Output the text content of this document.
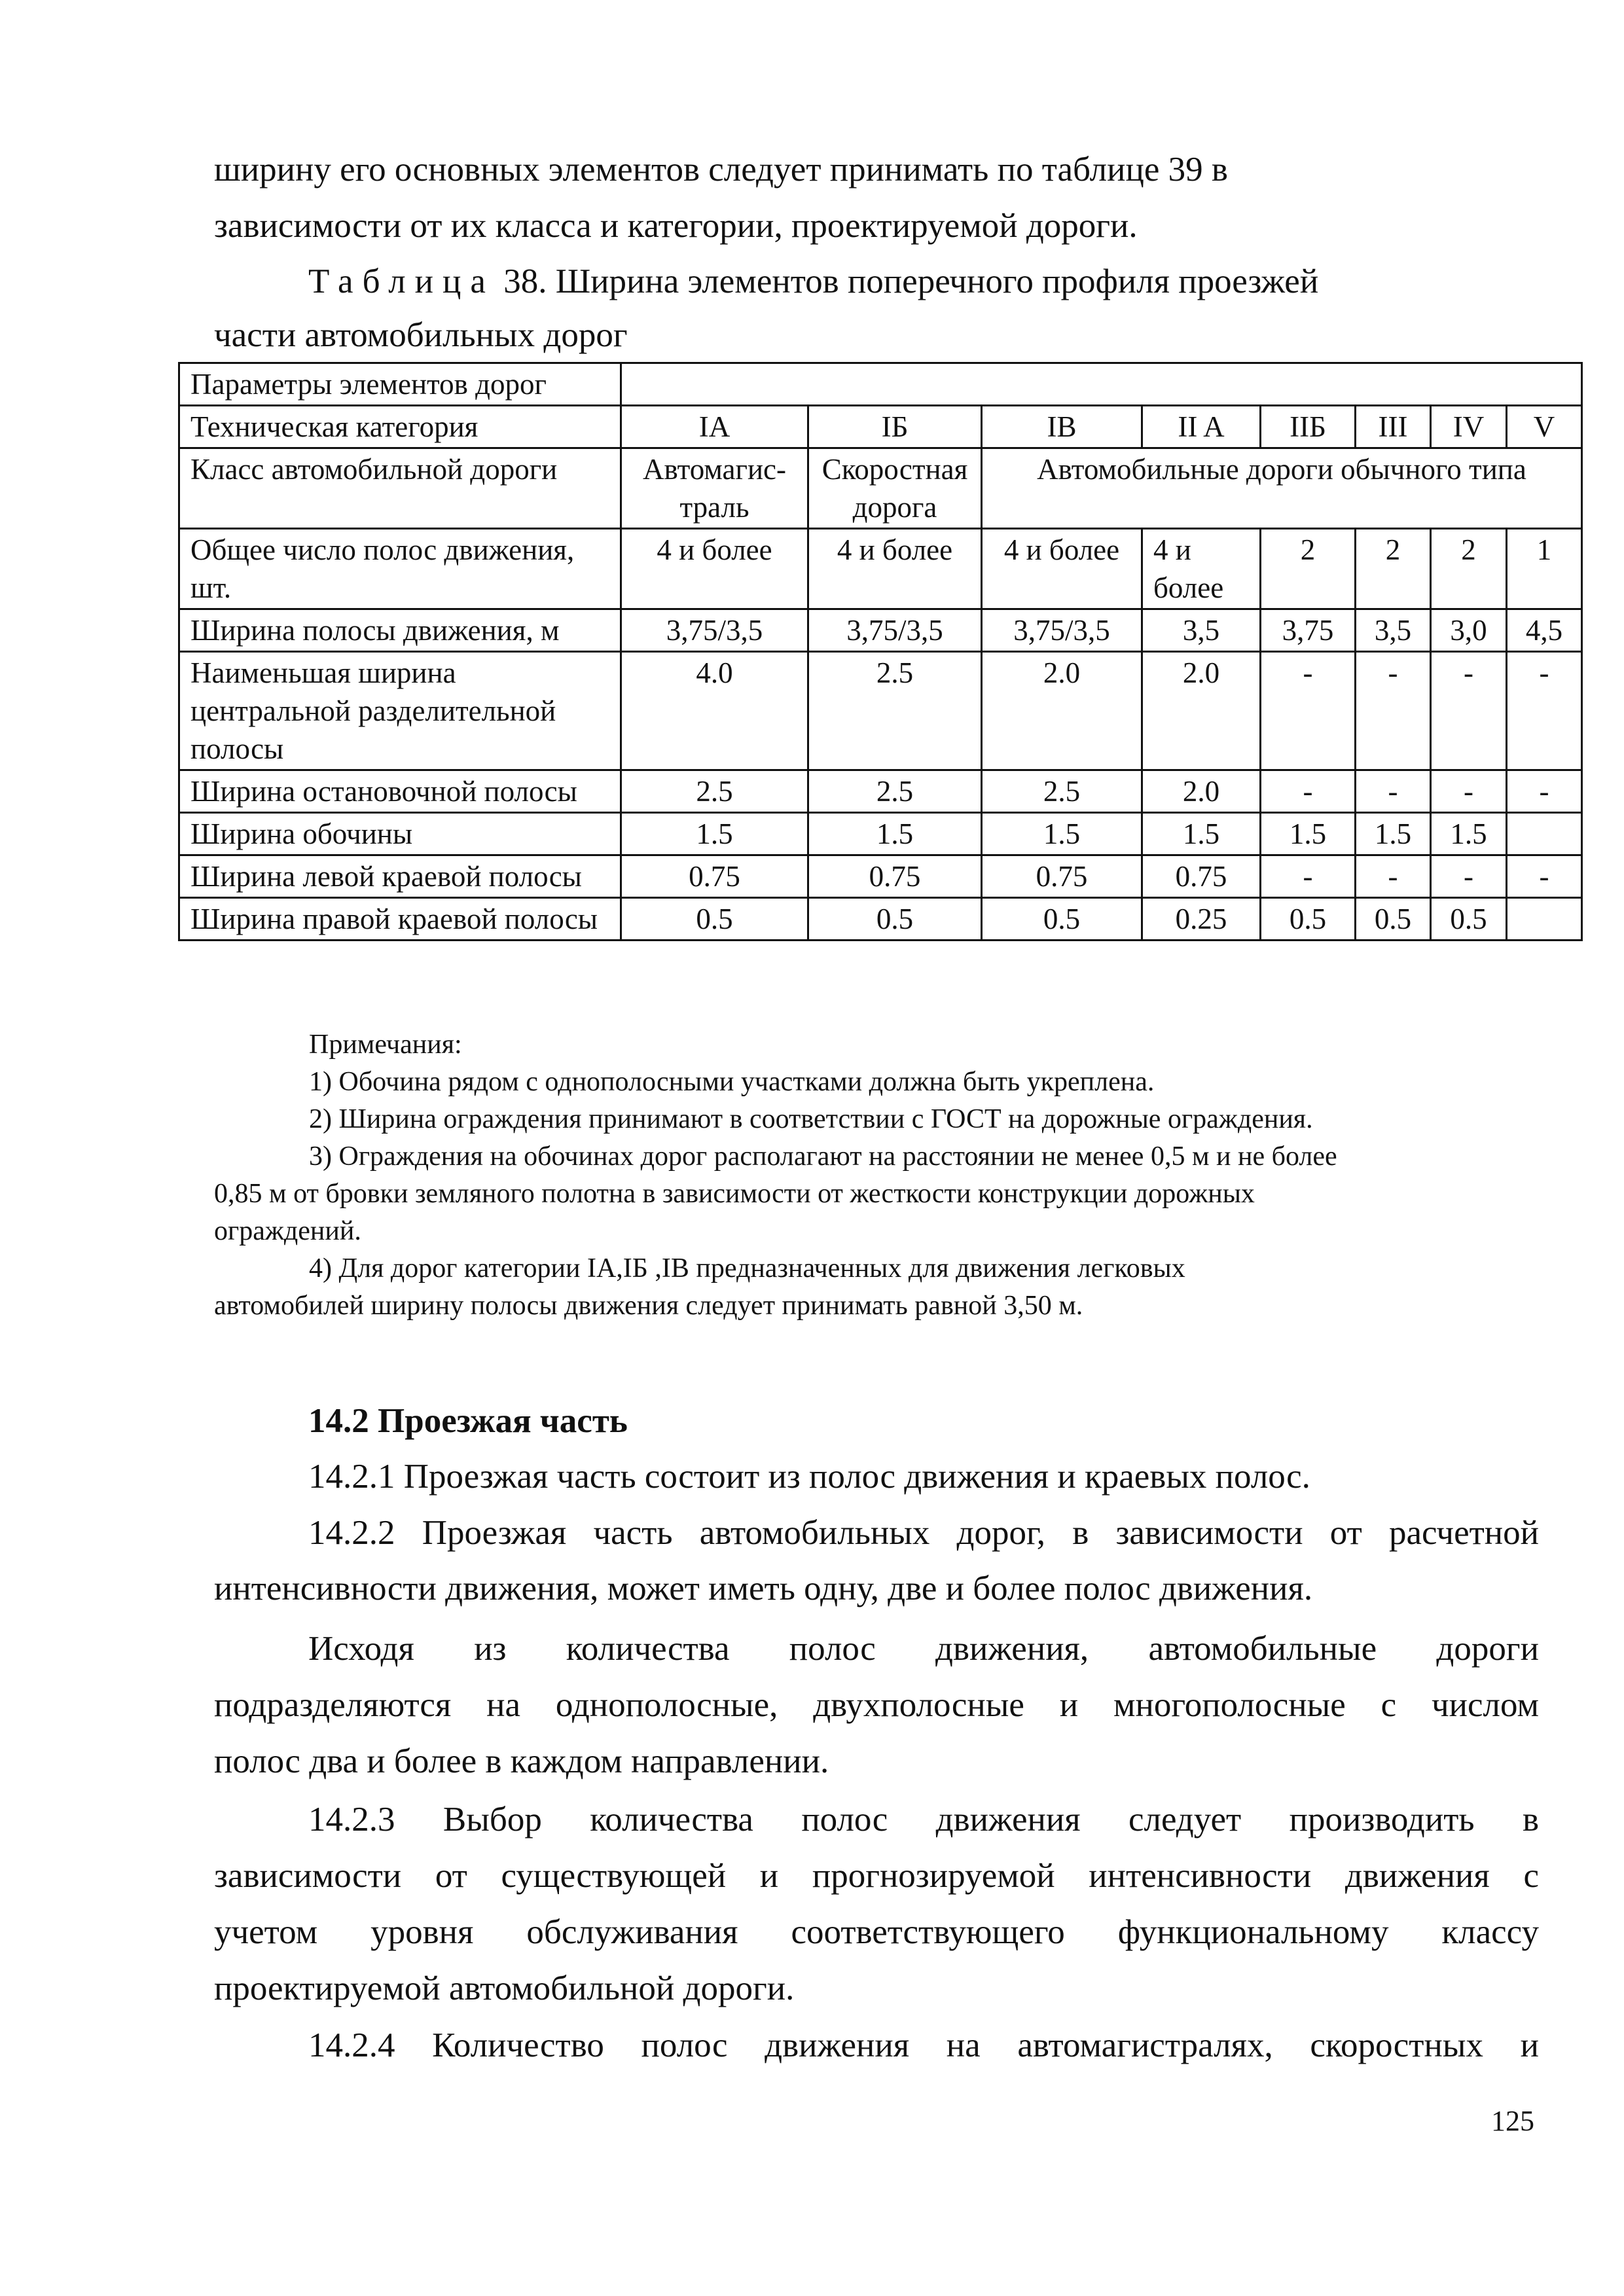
ширину его основных элементов следует принимать по таблице 39 в

зависимости от их класса и категории, проектируемой дороги.

Таблица 38. Ширина элементов поперечного профиля проезжей

части автомобильных дорог

Параметры элементов дорог								
Техническая категория	IA	IБ	IB	II A	IIБ	III	IV	V
Класс автомобильной дороги	Автомагис-траль	Скоростная дорога	Автомобильные дороги обычного типа					
Общее число полос движения, шт.	4 и более	4 и более	4 и более	4 и более	2	2	2	1
Ширина полосы движения, м	3,75/3,5	3,75/3,5	3,75/3,5	3,5	3,75	3,5	3,0	4,5
Наименьшая ширина центральной разделительной полосы	4.0	2.5	2.0	2.0	-	-	-	-
Ширина остановочной полосы	2.5	2.5	2.5	2.0	-	-	-	-
Ширина обочины	1.5	1.5	1.5	1.5	1.5	1.5	1.5	
Ширина левой краевой полосы	0.75	0.75	0.75	0.75	-	-	-	-
Ширина правой краевой полосы	0.5	0.5	0.5	0.25	0.5	0.5	0.5	
Примечания:
1) Обочина рядом с однополосными участками должна быть укреплена.
2) Ширина ограждения принимают в соответствии с ГОСТ на дорожные ограждения.
3) Ограждения на обочинах дорог располагают на расстоянии не менее 0,5 м и не более
0,85 м от бровки земляного полотна в зависимости от жесткости конструкции дорожных
ограждений.
4) Для дорог категории IA,IБ ,IB предназначенных для движения легковых
автомобилей ширину полосы движения следует принимать равной 3,50 м.

14.2 Проезжая часть

14.2.1 Проезжая часть состоит из полос движения и краевых полос.

14.2.2 Проезжая часть автомобильных дорог, в зависимости от расчетной

интенсивности движения, может иметь одну, две и более полос движения.

Исходя из количества полос движения, автомобильные дороги

подразделяются на однополосные, двухполосные и многополосные с числом

полос два и более в каждом направлении.

14.2.3 Выбор количества полос движения следует производить в

зависимости от существующей и прогнозируемой интенсивности движения с

учетом уровня обслуживания соответствующего функциональному классу

проектируемой автомобильной дороги.

14.2.4 Количество полос движения на автомагистралях, скоростных и

125
